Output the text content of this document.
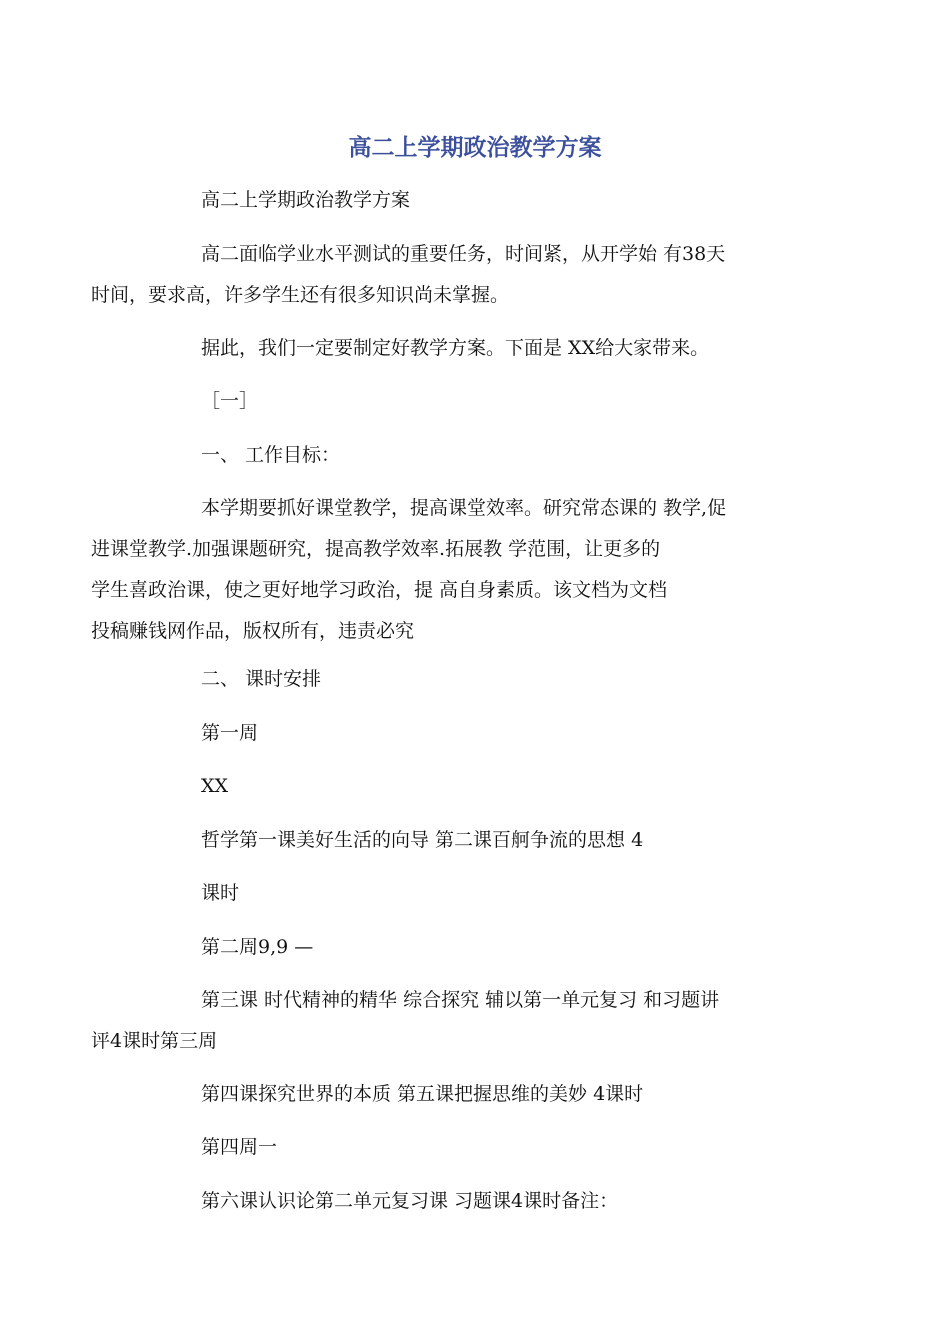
高二上学期政治教学方案

高二上学期政治教学方案

高二面临学业水平测试的重要任务，时间紧，从开学始 有38天
时间，要求高，许多学生还有很多知识尚未掌握。

据此，我们一定要制定好教学方案。下面是 XX给大家带来。

［一］

一、 工作目标：

本学期要抓好课堂教学，提高课堂效率。研究常态课的 教学,促
进课堂教学.加强课题研究，提高教学效率.拓展教 学范围，让更多的
学生喜政治课，使之更好地学习政治，提 高自身素质。该文档为文档
投稿赚钱网作品，版权所有，违责必究

二、 课时安排

第一周

XX

哲学第一课美好生活的向导 第二课百舸争流的思想 4

课时

第二周9,9 —

第三课 时代精神的精华 综合探究 辅以第一单元复习 和习题讲
评4课时第三周

第四课探究世界的本质 第五课把握思维的美妙 4课时

第四周一

第六课认识论第二单元复习课 习题课4课时备注：
